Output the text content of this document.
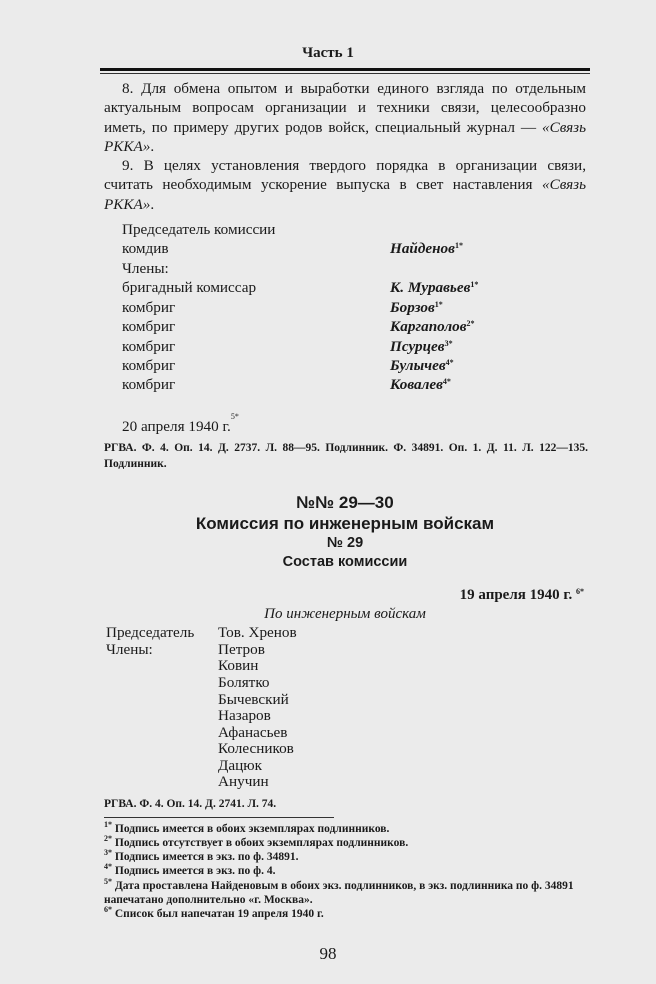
Часть 1

8. Для обмена опытом и выработки единого взгляда по отдельным актуальным вопросам организации и техники связи, целесообразно иметь, по примеру других родов войск, специальный журнал — «Связь РККА».

9. В целях установления твердого порядка в организации связи, считать необходимым ускорение выпуска в свет наставления «Связь РККА».

Председатель комиссии
комдив	Найденов$^{1*}$
Члены:
бригадный комиссар	К. Муравьев$^{1*}$
комбриг	Борзов$^{1*}$
комбриг	Каргаполов$^{2*}$
комбриг	Псурцев$^{3*}$
комбриг	Булычев$^{4*}$
комбриг	Ковалев$^{4*}$
20 апреля 1940 г.
5*
РГВА. Ф. 4. Оп. 14. Д. 2737. Л. 88—95. Подлинник. Ф. 34891. Оп. 1. Д. 11. Л. 122—135. Подлинник.
№№ 29—30
Комиссия по инженерным войскам
№ 29
Состав комиссии
19 апреля 1940 г. $^{6*}$
По инженерным войскам
Председатель	Тов. Хренов
Члены:	Петров
Ковин
Болятко
Бычевский
Назаров
Афанасьев
Колесников
Дацюк
Анучин
РГВА. Ф. 4. Оп. 14. Д. 2741. Л. 74.
$^{1*}$ Подпись имеется в обоих экземплярах подлинников.
$^{2*}$ Подпись отсутствует в обоих экземплярах подлинников.
$^{3*}$ Подпись имеется в экз. по ф. 34891.
$^{4*}$ Подпись имеется в экз. по ф. 4.
$^{5*}$ Дата проставлена Найденовым в обоих экз. подлинников, в экз. подлинника по ф. 34891 напечатано дополнительно «г. Москва».
$^{6*}$ Список был напечатан 19 апреля 1940 г.
98
